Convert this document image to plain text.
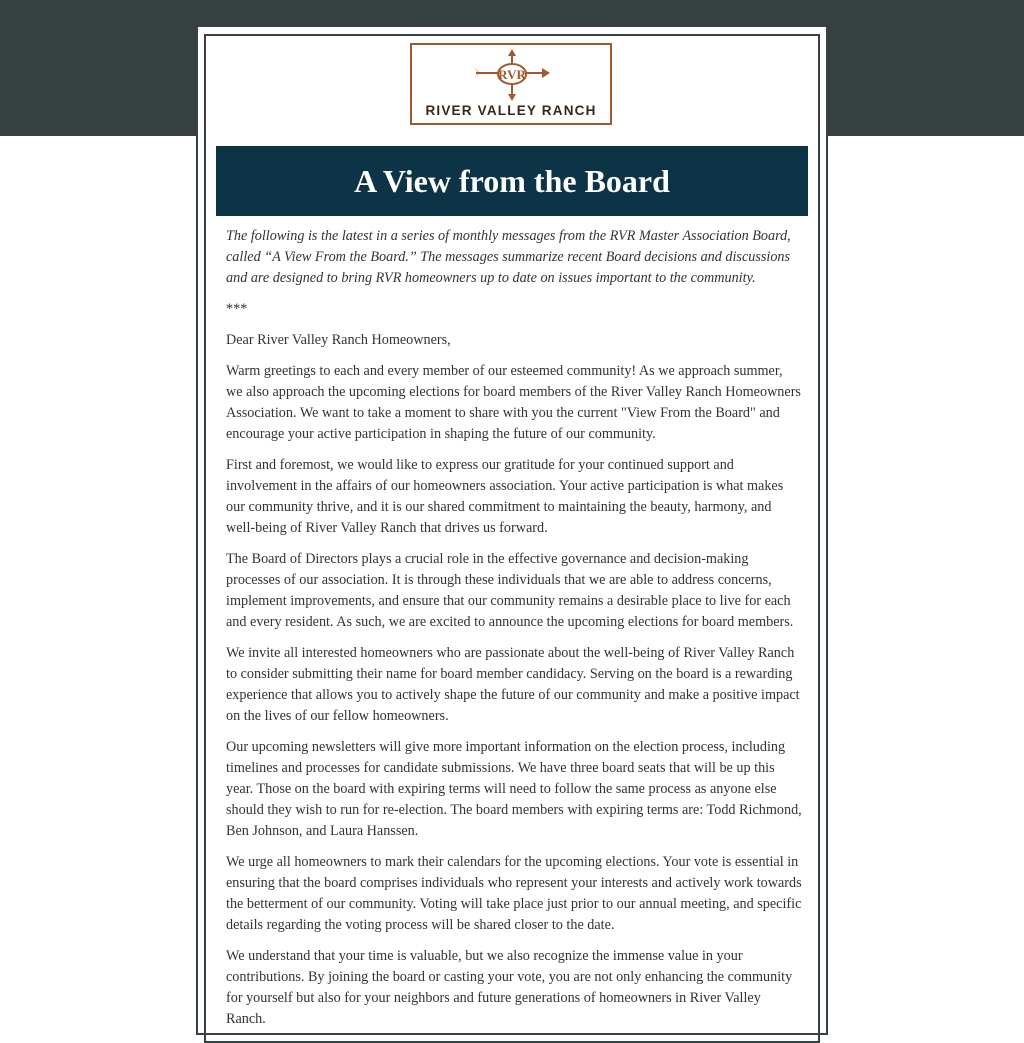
RVR
RIVER VALLEY RANCH
A View from the Board

The following is the latest in a series of monthly messages from the RVR Master Association Board, called “A View From the Board.” The messages summarize recent Board decisions and discussions and are designed to bring RVR homeowners up to date on issues important to the community.

***

Dear River Valley Ranch Homeowners,

Warm greetings to each and every member of our esteemed community! As we approach summer, we also approach the upcoming elections for board members of the River Valley Ranch Homeowners Association. We want to take a moment to share with you the current "View From the Board" and encourage your active participation in shaping the future of our community.

First and foremost, we would like to express our gratitude for your continued support and involvement in the affairs of our homeowners association. Your active participation is what makes our community thrive, and it is our shared commitment to maintaining the beauty, harmony, and well-being of River Valley Ranch that drives us forward.

The Board of Directors plays a crucial role in the effective governance and decision-making processes of our association. It is through these individuals that we are able to address concerns, implement improvements, and ensure that our community remains a desirable place to live for each and every resident. As such, we are excited to announce the upcoming elections for board members.

We invite all interested homeowners who are passionate about the well-being of River Valley Ranch to consider submitting their name for board member candidacy. Serving on the board is a rewarding experience that allows you to actively shape the future of our community and make a positive impact on the lives of our fellow homeowners.

Our upcoming newsletters will give more important information on the election process, including timelines and processes for candidate submissions. We have three board seats that will be up this year. Those on the board with expiring terms will need to follow the same process as anyone else should they wish to run for re-election. The board members with expiring terms are: Todd Richmond, Ben Johnson, and Laura Hanssen.

We urge all homeowners to mark their calendars for the upcoming elections. Your vote is essential in ensuring that the board comprises individuals who represent your interests and actively work towards the betterment of our community. Voting will take place just prior to our annual meeting, and specific details regarding the voting process will be shared closer to the date.

We understand that your time is valuable, but we also recognize the immense value in your contributions. By joining the board or casting your vote, you are not only enhancing the community for yourself but also for your neighbors and future generations of homeowners in River Valley Ranch.
